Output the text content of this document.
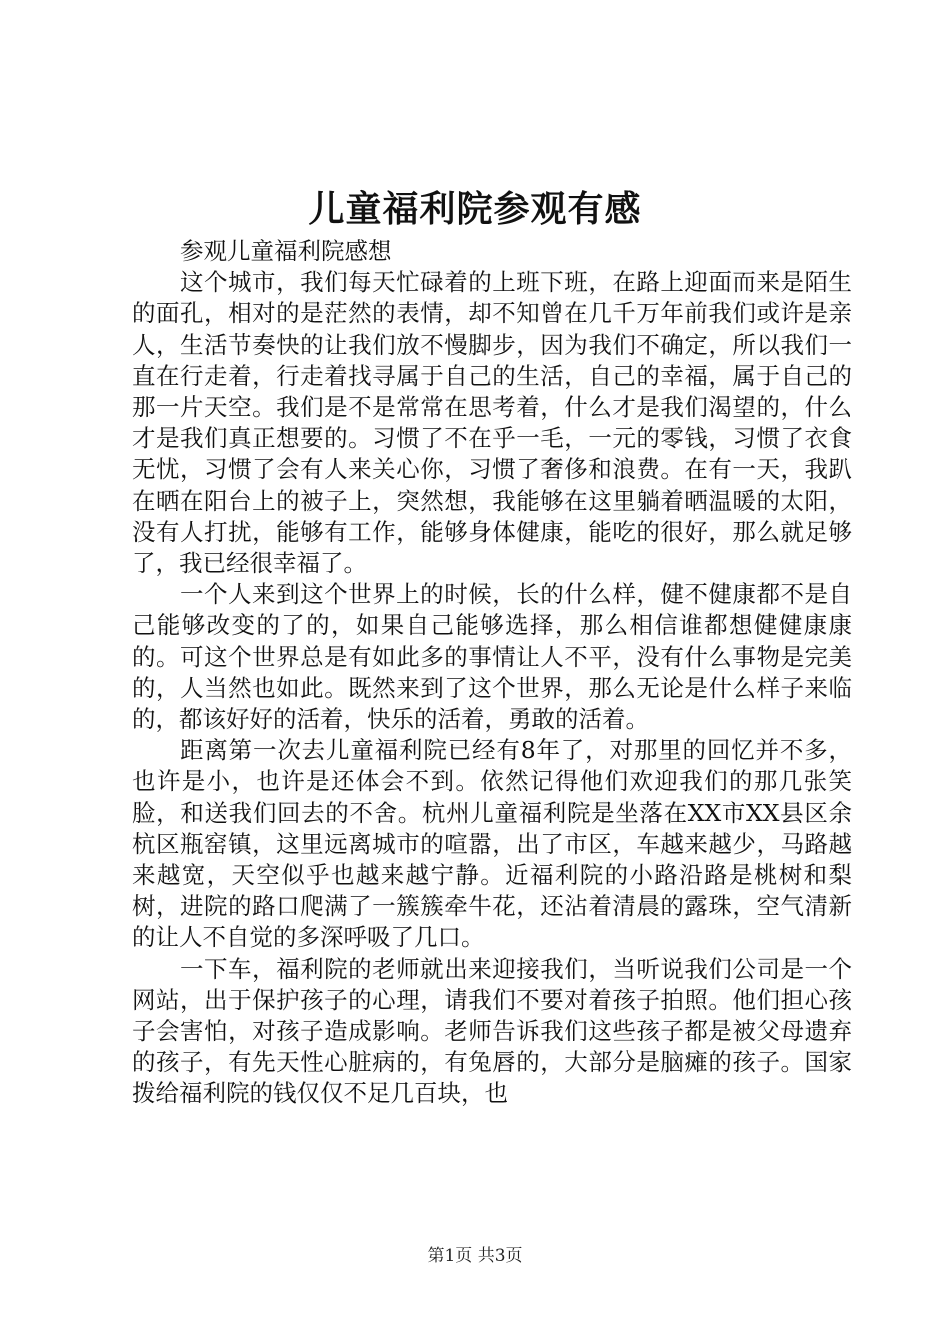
儿童福利院参观有感

参观儿童福利院感想

这个城市，我们每天忙碌着的上班下班，在路上迎面而来是陌生的面孔，相对的是茫然的表情，却不知曾在几千万年前我们或许是亲人，生活节奏快的让我们放不慢脚步，因为我们不确定，所以我们一直在行走着，行走着找寻属于自己的生活，自己的幸福，属于自己的那一片天空。我们是不是常常在思考着，什么才是我们渴望的，什么才是我们真正想要的。习惯了不在乎一毛，一元的零钱，习惯了衣食无忧，习惯了会有人来关心你，习惯了奢侈和浪费。在有一天，我趴在晒在阳台上的被子上，突然想，我能够在这里躺着晒温暖的太阳，没有人打扰，能够有工作，能够身体健康，能吃的很好，那么就足够了，我已经很幸福了。

一个人来到这个世界上的时候，长的什么样，健不健康都不是自己能够改变的了的，如果自己能够选择，那么相信谁都想健健康康的。可这个世界总是有如此多的事情让人不平，没有什么事物是完美的，人当然也如此。既然来到了这个世界，那么无论是什么样子来临的，都该好好的活着，快乐的活着，勇敢的活着。

距离第一次去儿童福利院已经有8年了，对那里的回忆并不多，也许是小，也许是还体会不到。依然记得他们欢迎我们的那几张笑脸，和送我们回去的不舍。杭州儿童福利院是坐落在XX市XX县区余杭区瓶窑镇，这里远离城市的喧嚣，出了市区，车越来越少，马路越来越宽，天空似乎也越来越宁静。近福利院的小路沿路是桃树和梨树，进院的路口爬满了一簇簇牵牛花，还沾着清晨的露珠，空气清新的让人不自觉的多深呼吸了几口。

一下车，福利院的老师就出来迎接我们，当听说我们公司是一个网站，出于保护孩子的心理，请我们不要对着孩子拍照。他们担心孩子会害怕，对孩子造成影响。老师告诉我们这些孩子都是被父母遗弃的孩子，有先天性心脏病的，有兔唇的，大部分是脑瘫的孩子。国家拨给福利院的钱仅仅不足几百块，也

第1页 共3页
